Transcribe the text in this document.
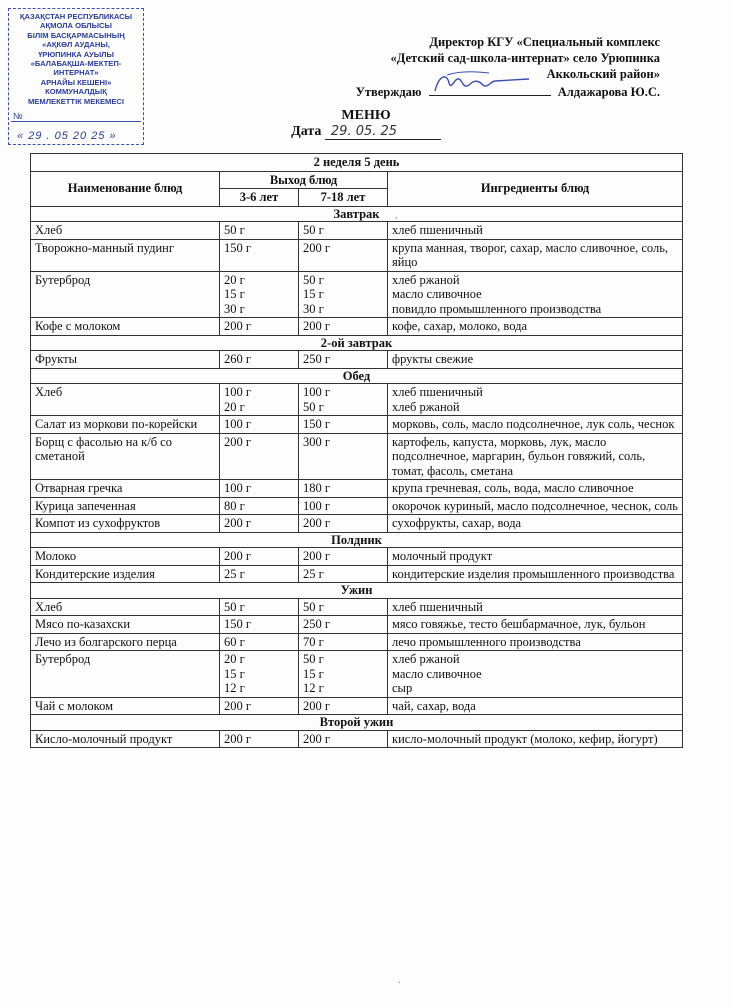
ҚАЗАҚСТАН РЕСПУБЛИКАСЫ
АҚМОЛА ОБЛЫСЫ
БІЛІМ БАСҚАРМАСЫНЫҢ
«АҚКӨЛ АУДАНЫ,
ҮРЮПИНКА АУЫЛЫ
«БАЛАБАҚША-МЕКТЕП-ИНТЕРНАТ»
АРНАЙЫ КЕШЕНІ»
КОММУНАЛДЫҚ
МЕМЛЕКЕТТІК МЕКЕМЕСІ
№
« 29 . 05 20 25 »
Директор КГУ «Специальный комплекс
«Детский сад-школа-интернат» село Урюпинка
Аккольский район»
Утверждаю	Алдажарова Ю.С.
МЕНЮ
Дата 29. 05. 25
2 неделя 5 день			
Наименование блюд	Выход блюд		Ингредиенты блюд
	3-6 лет	7-18 лет	
Завтрак			
Хлеб	50 г	50 г	хлеб пшеничный

Творожно-манный пудинг	150 г	200 г	крупа манная, творог, сахар, масло сливочное, соль, яйцо

Бутерброд	20 г
15 г
30 г	50 г
15 г
30 г	хлеб ржаной
масло сливочное
повидло промышленного производства

Кофе с молоком	200 г	200 г	кофе, сахар, молоко, вода

2-ой завтрак			
Фрукты	260 г	250 г	фрукты свежие

Обед			
Хлеб	100 г
20 г	100 г
50 г	хлеб пшеничный
хлеб ржаной

Салат из моркови по-корейски	100 г	150 г	морковь, соль, масло подсолнечное, лук соль, чеснок

Борщ с фасолью на к/б со сметаной	200 г	300 г	картофель, капуста, морковь, лук, масло подсолнечное, маргарин, бульон говяжий, соль, томат, фасоль, сметана

Отварная гречка	100 г	180 г	крупа гречневая, соль, вода, масло сливочное

Курица запеченная	80 г	100 г	окорочок куриный, масло подсолнечное, чеснок, соль

Компот из сухофруктов	200 г	200 г	сухофрукты, сахар, вода

Полдник			
Молоко	200 г	200 г	молочный продукт

Кондитерские изделия	25 г	25 г	кондитерские изделия промышленного производства

Ужин			
Хлеб	50 г	50 г	хлеб пшеничный

Мясо по-казахски	150 г	250 г	мясо говяжье, тесто бешбармачное, лук, бульон

Лечо из болгарского перца	60 г	70 г	лечо промышленного производства

Бутерброд	20 г
15 г
12 г	50 г
15 г
12 г	хлеб ржаной
масло сливочное
сыр

Чай с молоком	200 г	200 г	чай, сахар, вода

Второй ужин			
Кисло-молочный продукт	200 г	200 г	кисло-молочный продукт (молоко, кефир, йогурт)
,
.
